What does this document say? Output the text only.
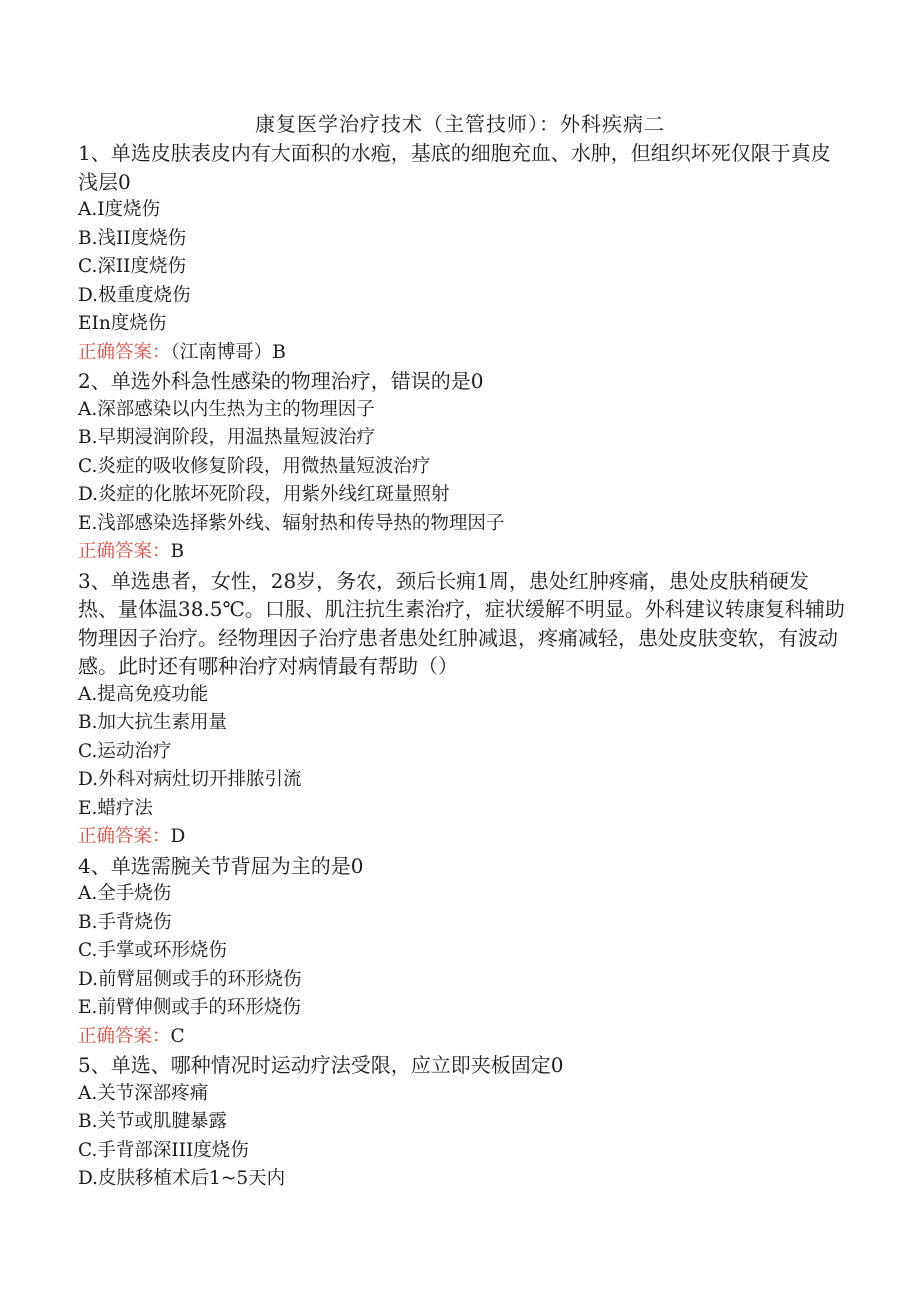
康复医学治疗技术（主管技师）：外科疾病二

1、单选皮肤表皮内有大面积的水疱，基底的细胞充血、水肿，但组织坏死仅限于真皮浅层0

A.I度烧伤

B.浅II度烧伤

C.深II度烧伤

D.极重度烧伤

EIn度烧伤

正确答案：（江南博哥）B

2、单选外科急性感染的物理治疗，错误的是0

A.深部感染以内生热为主的物理因子

B.早期浸润阶段，用温热量短波治疗

C.炎症的吸收修复阶段，用微热量短波治疗

D.炎症的化脓坏死阶段，用紫外线红斑量照射

E.浅部感染选择紫外线、辐射热和传导热的物理因子

正确答案：B

3、单选患者，女性，28岁，务农，颈后长痈1周，患处红肿疼痛，患处皮肤稍硬发热、量体温38.5℃。口服、肌注抗生素治疗，症状缓解不明显。外科建议转康复科辅助物理因子治疗。经物理因子治疗患者患处红肿减退，疼痛减轻，患处皮肤变软，有波动感。此时还有哪种治疗对病情最有帮助（）

A.提高免疫功能

B.加大抗生素用量

C.运动治疗

D.外科对病灶切开排脓引流

E.蜡疗法

正确答案：D

4、单选需腕关节背屈为主的是0

A.全手烧伤

B.手背烧伤

C.手掌或环形烧伤

D.前臂屈侧或手的环形烧伤

E.前臂伸侧或手的环形烧伤

正确答案：C

5、单选、哪种情况时运动疗法受限，应立即夹板固定0

A.关节深部疼痛

B.关节或肌腱暴露

C.手背部深III度烧伤

D.皮肤移植术后1~5天内
